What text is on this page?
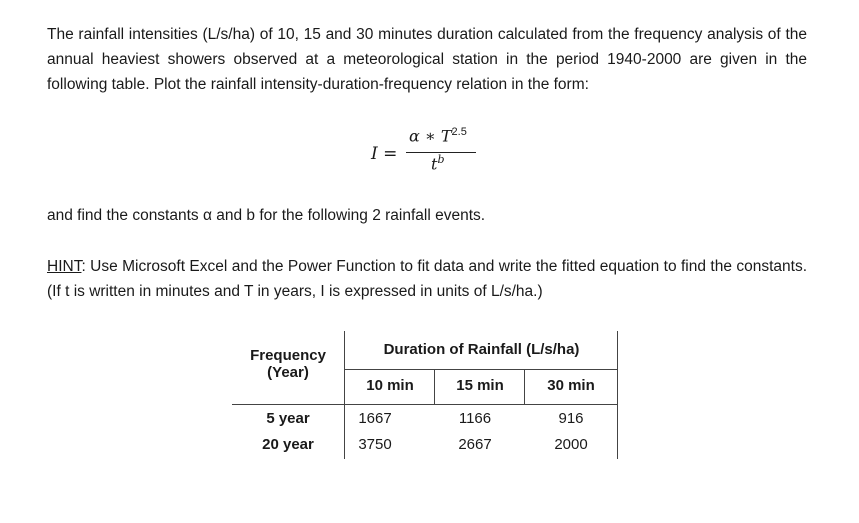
The rainfall intensities (L/s/ha) of 10, 15 and 30 minutes duration calculated from the frequency analysis of the annual heaviest showers observed at a meteorological station in the period 1940-2000 are given in the following table. Plot the rainfall intensity-duration-frequency relation in the form:
I =
α ∗ $T^{2.5}$
$t^b$
and find the constants α and b for the following 2 rainfall events.
HINT: Use Microsoft Excel and the Power Function to fit data and write the fitted equation to find the constants. (If t is written in minutes and T in years, I is expressed in units of L/s/ha.)
Frequency
(Year)
Duration of Rainfall (L/s/ha)
10 min	15 min	30 min
5 year	1667	1166	916
20 year	3750	2667	2000
